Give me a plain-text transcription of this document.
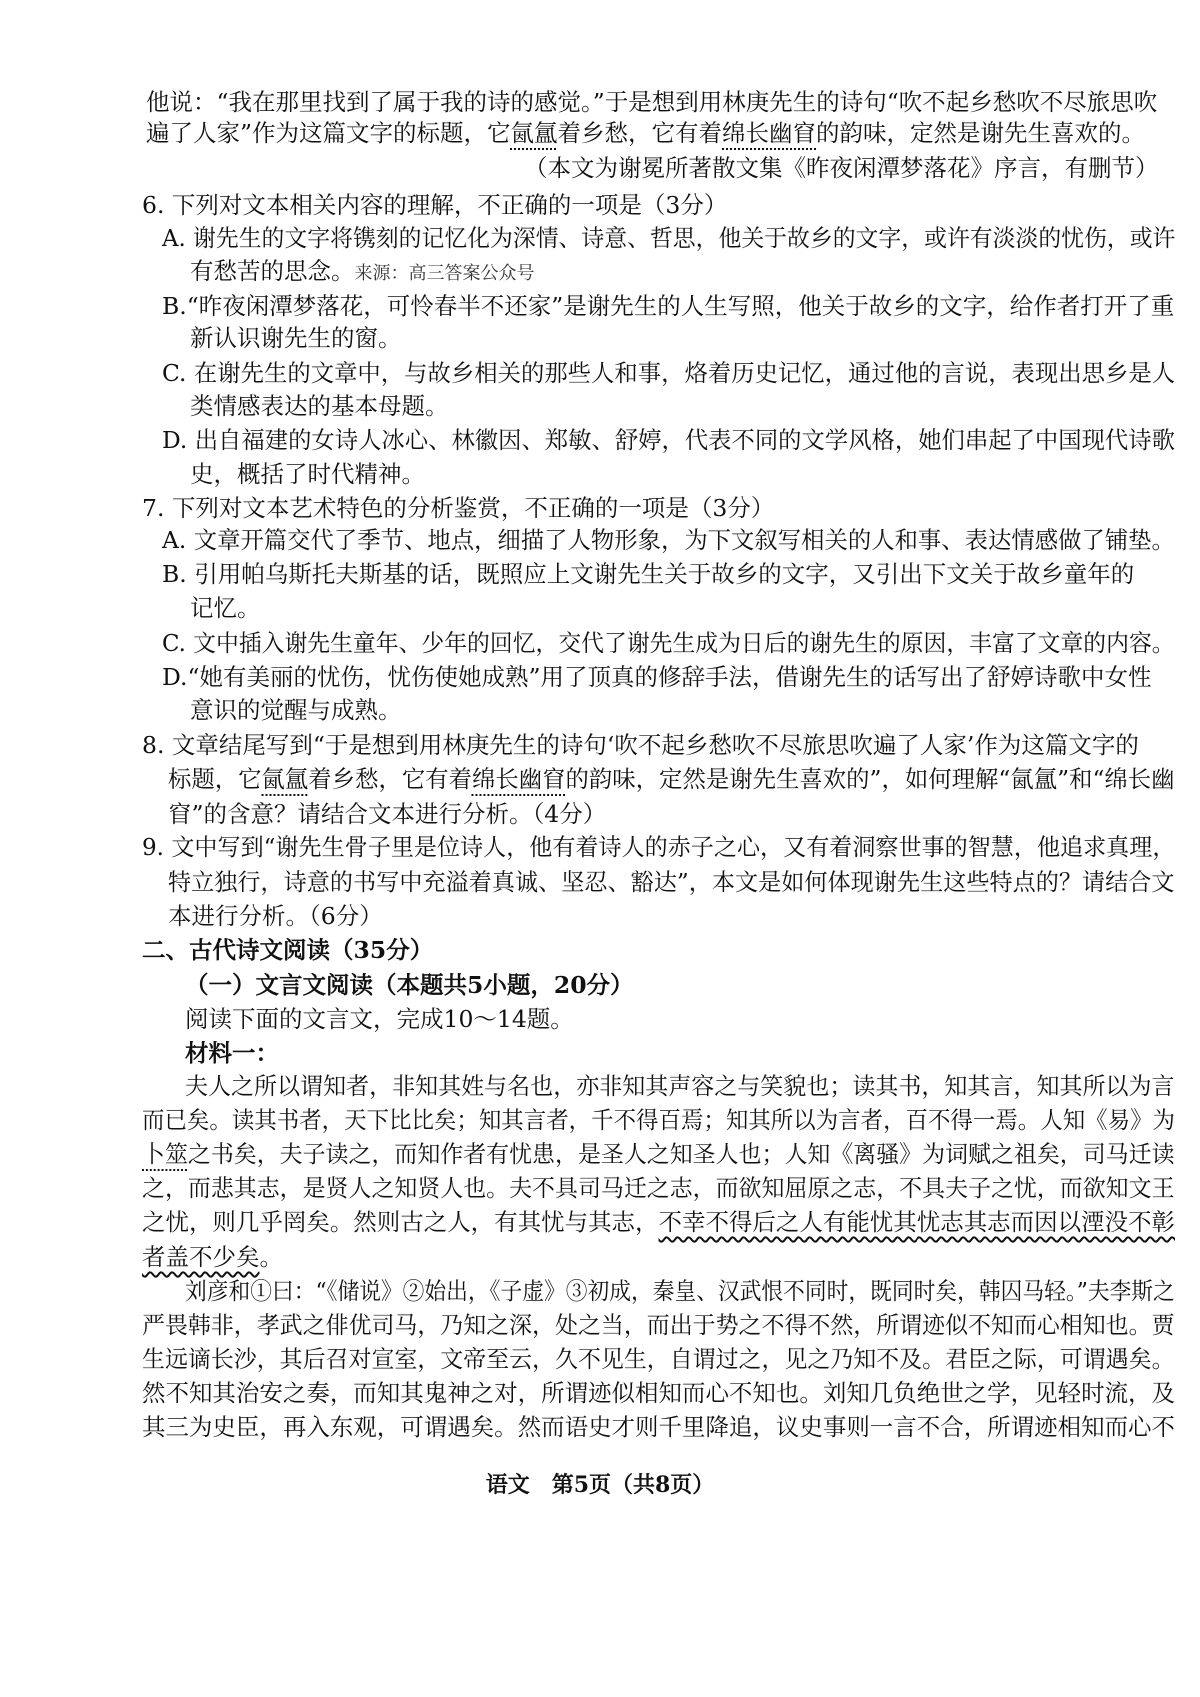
他说：“我在那里找到了属于我的诗的感觉。”于是想到用林庚先生的诗句“吹不起乡愁吹不尽旅思吹
遍了人家”作为这篇文字的标题，它氤氲着乡愁，它有着绵长幽窅的韵味，定然是谢先生喜欢的。
（本文为谢冕所著散文集《昨夜闲潭梦落花》序言，有删节）
6. 下列对文本相关内容的理解，不正确的一项是（3分）
A. 谢先生的文字将镌刻的记忆化为深情、诗意、哲思，他关于故乡的文字，或许有淡淡的忧伤，或许
有愁苦的思念。来源：高三答案公众号
B.“昨夜闲潭梦落花，可怜春半不还家”是谢先生的人生写照，他关于故乡的文字，给作者打开了重
新认识谢先生的窗。
C. 在谢先生的文章中，与故乡相关的那些人和事，烙着历史记忆，通过他的言说，表现出思乡是人
类情感表达的基本母题。
D. 出自福建的女诗人冰心、林徽因、郑敏、舒婷，代表不同的文学风格，她们串起了中国现代诗歌
史，概括了时代精神。
7. 下列对文本艺术特色的分析鉴赏，不正确的一项是（3分）
A. 文章开篇交代了季节、地点，细描了人物形象，为下文叙写相关的人和事、表达情感做了铺垫。
B. 引用帕乌斯托夫斯基的话，既照应上文谢先生关于故乡的文字，又引出下文关于故乡童年的
记忆。
C. 文中插入谢先生童年、少年的回忆，交代了谢先生成为日后的谢先生的原因，丰富了文章的内容。
D.“她有美丽的忧伤，忧伤使她成熟”用了顶真的修辞手法，借谢先生的话写出了舒婷诗歌中女性
意识的觉醒与成熟。
8. 文章结尾写到“于是想到用林庚先生的诗句‘吹不起乡愁吹不尽旅思吹遍了人家’作为这篇文字的
标题，它氤氲着乡愁，它有着绵长幽窅的韵味，定然是谢先生喜欢的”，如何理解“氤氲”和“绵长幽
窅”的含意？请结合文本进行分析。（4分）
9. 文中写到“谢先生骨子里是位诗人，他有着诗人的赤子之心，又有着洞察世事的智慧，他追求真理，
特立独行，诗意的书写中充溢着真诚、坚忍、豁达”，本文是如何体现谢先生这些特点的？请结合文
本进行分析。（6分）
二、古代诗文阅读（35分）
（一）文言文阅读（本题共5小题，20分）
阅读下面的文言文，完成10～14题。
材料一：
夫人之所以谓知者，非知其姓与名也，亦非知其声容之与笑貌也；读其书，知其言，知其所以为言
而已矣。读其书者，天下比比矣；知其言者，千不得百焉；知其所以为言者，百不得一焉。人知《易》为
卜筮之书矣，夫子读之，而知作者有忧患，是圣人之知圣人也；人知《离骚》为词赋之祖矣，司马迁读
之，而悲其志，是贤人之知贤人也。夫不具司马迁之志，而欲知屈原之志，不具夫子之忧，而欲知文王
之忧，则几乎罔矣。然则古之人，有其忧与其志，不幸不得后之人有能忧其忧志其志而因以湮没不彰
者盖不少矣。
刘彦和①曰：“《储说》②始出，《子虚》③初成，秦皇、汉武恨不同时，既同时矣，韩囚马轻。”夫李斯之
严畏韩非，孝武之俳优司马，乃知之深，处之当，而出于势之不得不然，所谓迹似不知而心相知也。贾
生远谪长沙，其后召对宣室，文帝至云，久不见生，自谓过之，见之乃知不及。君臣之际，可谓遇矣。
然不知其治安之奏，而知其鬼神之对，所谓迹似相知而心不知也。刘知几负绝世之学，见轻时流，及
其三为史臣，再入东观，可谓遇矣。然而语史才则千里降追，议史事则一言不合，所谓迹相知而心不
语文　第5页（共8页）
